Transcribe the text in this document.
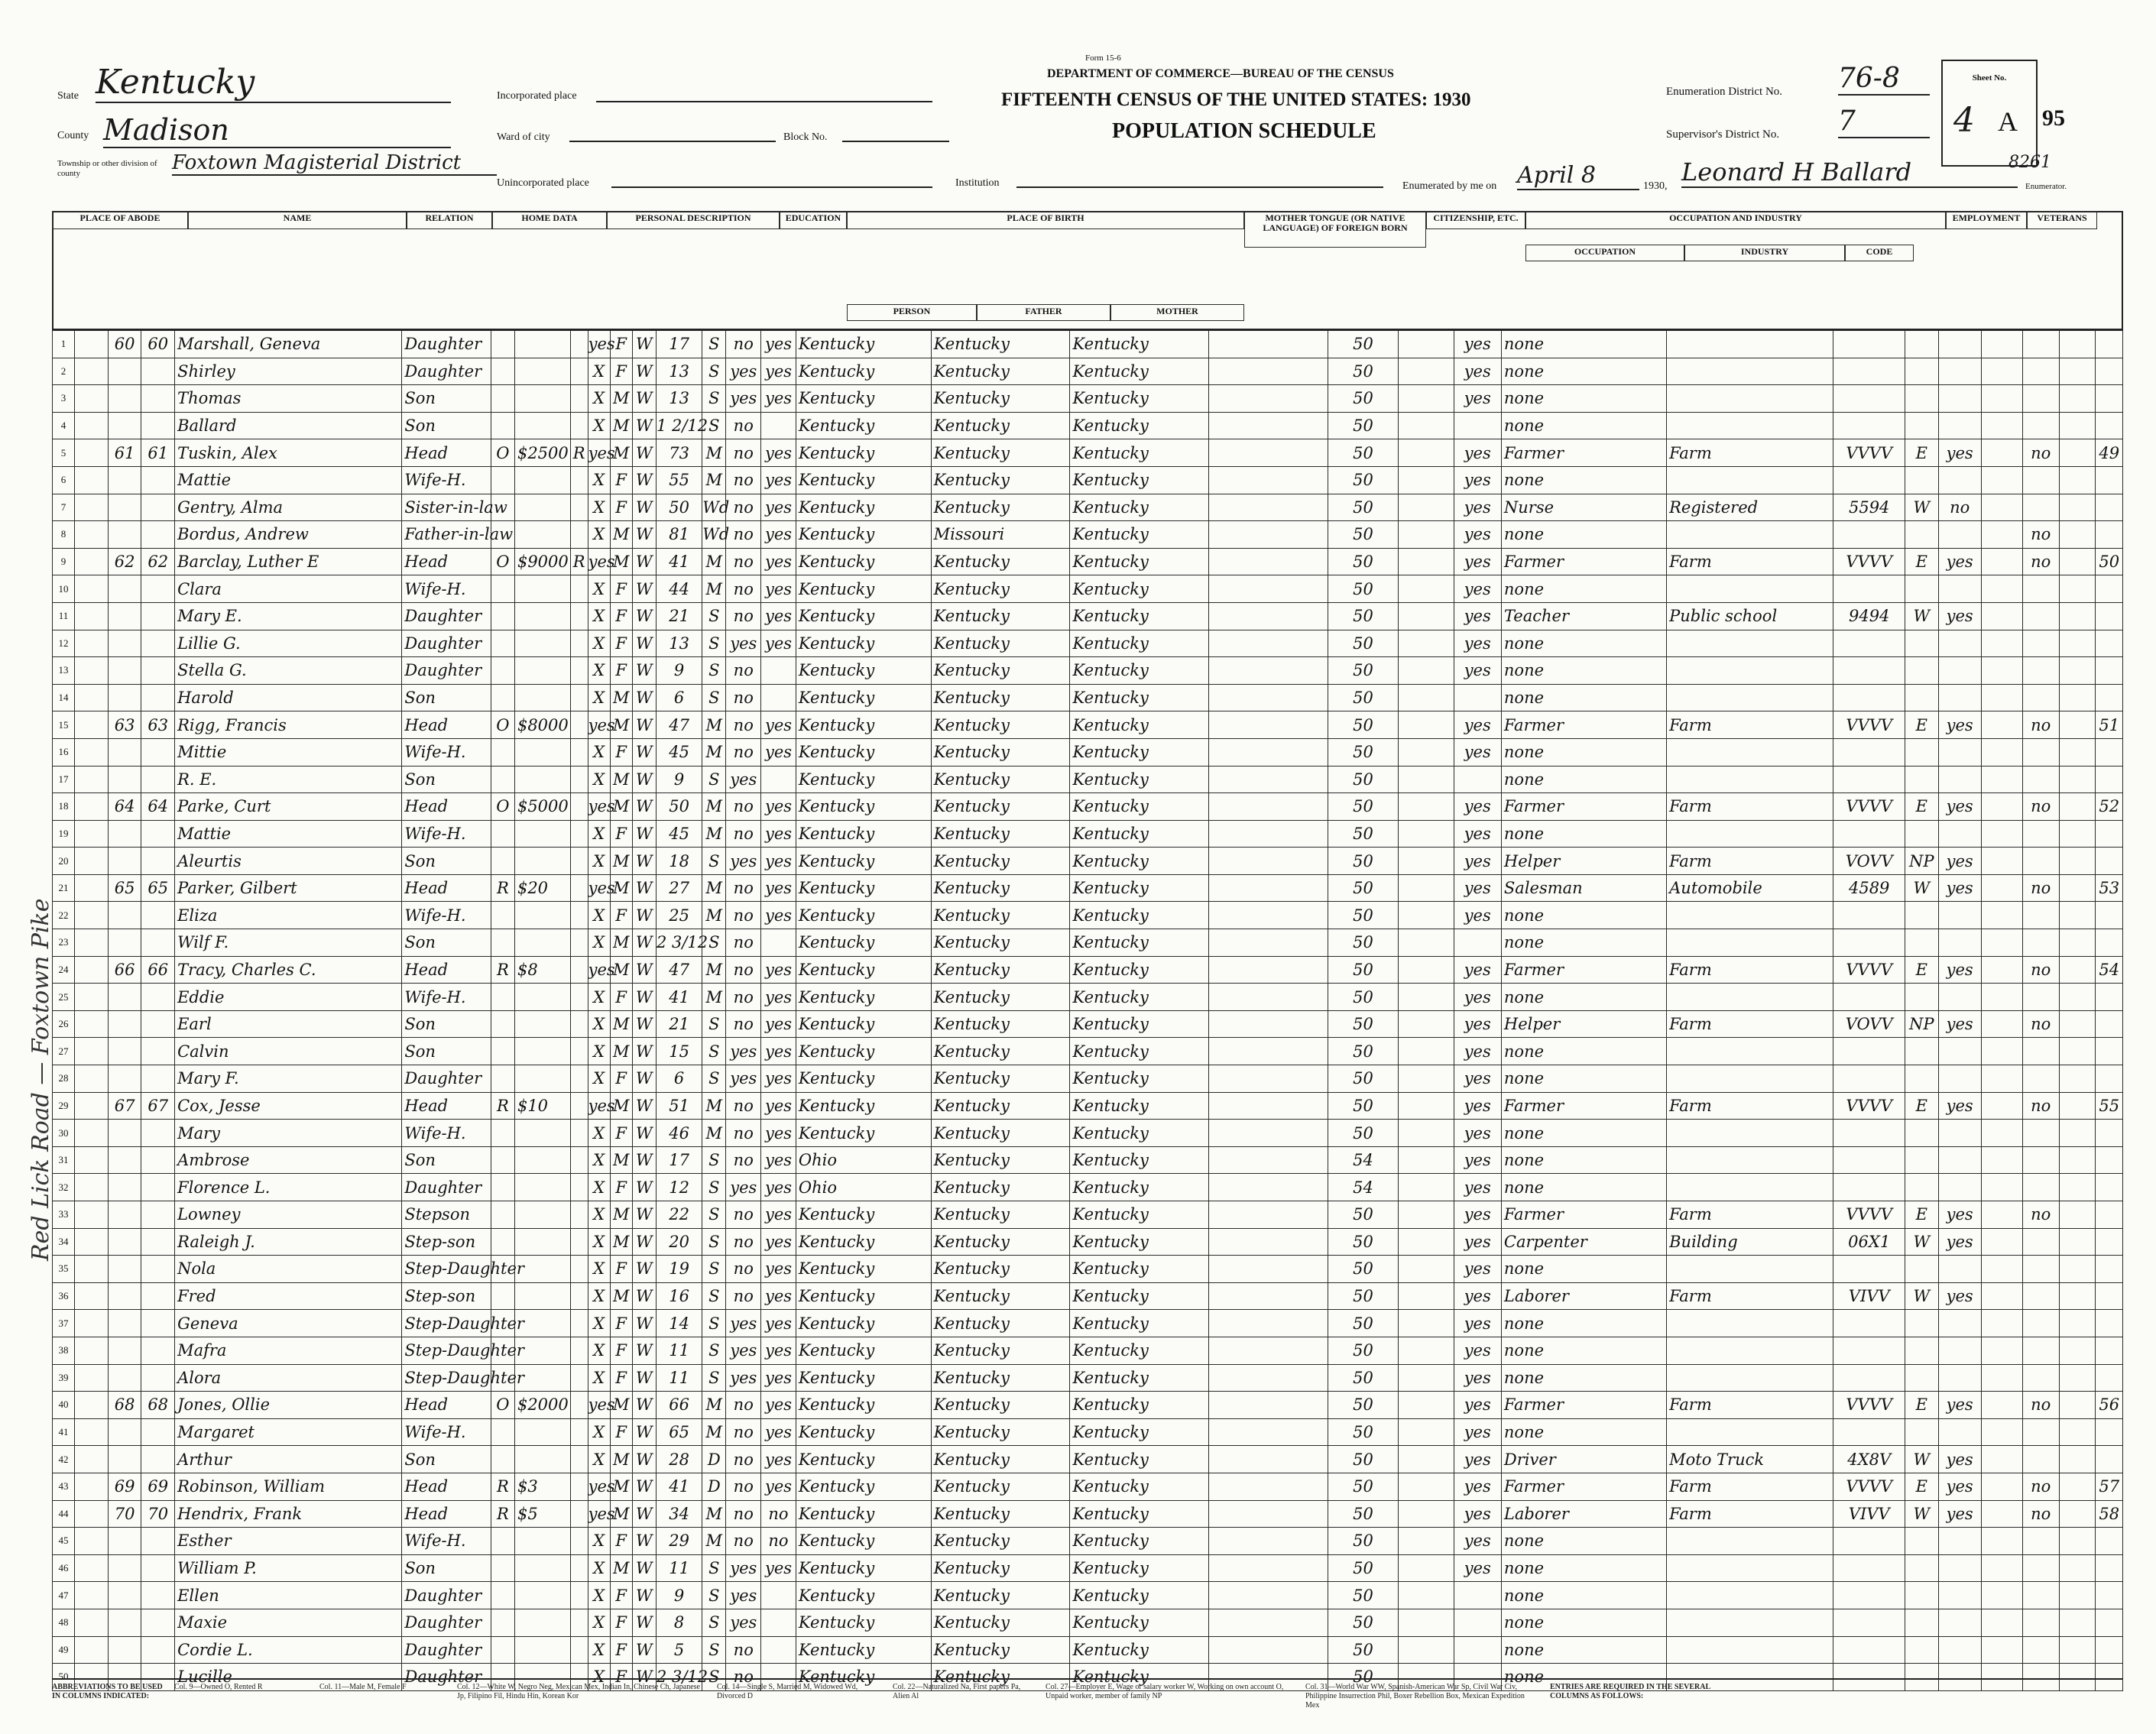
Form 15-6
DEPARTMENT OF COMMERCE—BUREAU OF THE CENSUS
FIFTEENTH CENSUS OF THE UNITED STATES: 1930
POPULATION SCHEDULE
State Kentucky
County Madison
Township or other division of county	Foxtown Magisterial District
Incorporated place
Ward of city	Block No.
Unincorporated place	Institution
Enumeration District No. 76-8
Supervisor's District No. 7
Sheet No.
4 A 95
Enumerated by me on April 8	1930, Leonard H Ballard	Enumerator.
8261
PLACE OF ABODE	NAME	RELATION	HOME DATA	PERSONAL DESCRIPTION	EDUCATION	PLACE OF BIRTH	MOTHER TONGUE (OR NATIVE LANGUAGE) OF FOREIGN BORN
CITIZENSHIP, ETC.	OCCUPATION AND INDUSTRY	EMPLOYMENT	VETERANS
PERSON	FATHER	MOTHER
OCCUPATION	INDUSTRY	CODE
1		60	60	Marshall, Geneva	Daughter				yes	F	W	17	S	no	yes	Kentucky	Kentucky	Kentucky		50		yes	none								
2				Shirley	Daughter				X	F	W	13	S	yes	yes	Kentucky	Kentucky	Kentucky		50		yes	none								
3				Thomas	Son				X	M	W	13	S	yes	yes	Kentucky	Kentucky	Kentucky		50		yes	none								
4				Ballard	Son				X	M	W	1 2/12	S	no		Kentucky	Kentucky	Kentucky		50			none								
5		61	61	Tuskin, Alex	Head	O	$2500	R	yes	M	W	73	M	no	yes	Kentucky	Kentucky	Kentucky		50		yes	Farmer	Farm	VVVV	E	yes		no		49
6				Mattie	Wife-H.				X	F	W	55	M	no	yes	Kentucky	Kentucky	Kentucky		50		yes	none								
7				Gentry, Alma	Sister-in-law				X	F	W	50	Wd	no	yes	Kentucky	Kentucky	Kentucky		50		yes	Nurse	Registered	5594	W	no				
8				Bordus, Andrew	Father-in-law				X	M	W	81	Wd	no	yes	Kentucky	Missouri	Kentucky		50		yes	none						no		
9		62	62	Barclay, Luther E	Head	O	$9000	R	yes	M	W	41	M	no	yes	Kentucky	Kentucky	Kentucky		50		yes	Farmer	Farm	VVVV	E	yes		no		50
10				Clara	Wife-H.				X	F	W	44	M	no	yes	Kentucky	Kentucky	Kentucky		50		yes	none								
11				Mary E.	Daughter				X	F	W	21	S	no	yes	Kentucky	Kentucky	Kentucky		50		yes	Teacher	Public school	9494	W	yes				
12				Lillie G.	Daughter				X	F	W	13	S	yes	yes	Kentucky	Kentucky	Kentucky		50		yes	none								
13				Stella G.	Daughter				X	F	W	9	S	no		Kentucky	Kentucky	Kentucky		50		yes	none								
14				Harold	Son				X	M	W	6	S	no		Kentucky	Kentucky	Kentucky		50			none								
15		63	63	Rigg, Francis	Head	O	$8000		yes	M	W	47	M	no	yes	Kentucky	Kentucky	Kentucky		50		yes	Farmer	Farm	VVVV	E	yes		no		51
16				Mittie	Wife-H.				X	F	W	45	M	no	yes	Kentucky	Kentucky	Kentucky		50		yes	none								
17				R. E.	Son				X	M	W	9	S	yes		Kentucky	Kentucky	Kentucky		50			none								
18		64	64	Parke, Curt	Head	O	$5000		yes	M	W	50	M	no	yes	Kentucky	Kentucky	Kentucky		50		yes	Farmer	Farm	VVVV	E	yes		no		52
19				Mattie	Wife-H.				X	F	W	45	M	no	yes	Kentucky	Kentucky	Kentucky		50		yes	none								
20				Aleurtis	Son				X	M	W	18	S	yes	yes	Kentucky	Kentucky	Kentucky		50		yes	Helper	Farm	VOVV	NP	yes				
21		65	65	Parker, Gilbert	Head	R	$20		yes	M	W	27	M	no	yes	Kentucky	Kentucky	Kentucky		50		yes	Salesman	Automobile	4589	W	yes		no		53
22				Eliza	Wife-H.				X	F	W	25	M	no	yes	Kentucky	Kentucky	Kentucky		50		yes	none								
23				Wilf F.	Son				X	M	W	2 3/12	S	no		Kentucky	Kentucky	Kentucky		50			none								
24		66	66	Tracy, Charles C.	Head	R	$8		yes	M	W	47	M	no	yes	Kentucky	Kentucky	Kentucky		50		yes	Farmer	Farm	VVVV	E	yes		no		54
25				Eddie	Wife-H.				X	F	W	41	M	no	yes	Kentucky	Kentucky	Kentucky		50		yes	none								
26				Earl	Son				X	M	W	21	S	no	yes	Kentucky	Kentucky	Kentucky		50		yes	Helper	Farm	VOVV	NP	yes		no		
27				Calvin	Son				X	M	W	15	S	yes	yes	Kentucky	Kentucky	Kentucky		50		yes	none								
28				Mary F.	Daughter				X	F	W	6	S	yes	yes	Kentucky	Kentucky	Kentucky		50		yes	none								
29		67	67	Cox, Jesse	Head	R	$10		yes	M	W	51	M	no	yes	Kentucky	Kentucky	Kentucky		50		yes	Farmer	Farm	VVVV	E	yes		no		55
30				Mary	Wife-H.				X	F	W	46	M	no	yes	Kentucky	Kentucky	Kentucky		50		yes	none								
31				Ambrose	Son				X	M	W	17	S	no	yes	Ohio	Kentucky	Kentucky		54		yes	none								
32				Florence L.	Daughter				X	F	W	12	S	yes	yes	Ohio	Kentucky	Kentucky		54		yes	none								
33				Lowney	Stepson				X	M	W	22	S	no	yes	Kentucky	Kentucky	Kentucky		50		yes	Farmer	Farm	VVVV	E	yes		no		
34				Raleigh J.	Step-son				X	M	W	20	S	no	yes	Kentucky	Kentucky	Kentucky		50		yes	Carpenter	Building	06X1	W	yes				
35				Nola	Step-Daughter				X	F	W	19	S	no	yes	Kentucky	Kentucky	Kentucky		50		yes	none								
36				Fred	Step-son				X	M	W	16	S	no	yes	Kentucky	Kentucky	Kentucky		50		yes	Laborer	Farm	VIVV	W	yes				
37				Geneva	Step-Daughter				X	F	W	14	S	yes	yes	Kentucky	Kentucky	Kentucky		50		yes	none								
38				Mafra	Step-Daughter				X	F	W	11	S	yes	yes	Kentucky	Kentucky	Kentucky		50		yes	none								
39				Alora	Step-Daughter				X	F	W	11	S	yes	yes	Kentucky	Kentucky	Kentucky		50		yes	none								
40		68	68	Jones, Ollie	Head	O	$2000		yes	M	W	66	M	no	yes	Kentucky	Kentucky	Kentucky		50		yes	Farmer	Farm	VVVV	E	yes		no		56
41				Margaret	Wife-H.				X	F	W	65	M	no	yes	Kentucky	Kentucky	Kentucky		50		yes	none								
42				Arthur	Son				X	M	W	28	D	no	yes	Kentucky	Kentucky	Kentucky		50		yes	Driver	Moto Truck	4X8V	W	yes				
43		69	69	Robinson, William	Head	R	$3		yes	M	W	41	D	no	yes	Kentucky	Kentucky	Kentucky		50		yes	Farmer	Farm	VVVV	E	yes		no		57
44		70	70	Hendrix, Frank	Head	R	$5		yes	M	W	34	M	no	no	Kentucky	Kentucky	Kentucky		50		yes	Laborer	Farm	VIVV	W	yes		no		58
45				Esther	Wife-H.				X	F	W	29	M	no	no	Kentucky	Kentucky	Kentucky		50		yes	none								
46				William P.	Son				X	M	W	11	S	yes	yes	Kentucky	Kentucky	Kentucky		50		yes	none								
47				Ellen	Daughter				X	F	W	9	S	yes		Kentucky	Kentucky	Kentucky		50			none								
48				Maxie	Daughter				X	F	W	8	S	yes		Kentucky	Kentucky	Kentucky		50			none								
49				Cordie L.	Daughter				X	F	W	5	S	no		Kentucky	Kentucky	Kentucky		50			none								
50				Lucille	Daughter				X	F	W	2 3/12	S	no		Kentucky	Kentucky	Kentucky		50			none								
Red Lick Road — Foxtown Pike
ABBREVIATIONS TO BE USED IN COLUMNS INDICATED:
Col. 9—Owned O, Rented R	Col. 11—Male M, Female F	Col. 12—White W, Negro Neg, Mexican Mex, Indian In, Chinese Ch, Japanese Jp, Filipino Fil, Hindu Hin, Korean Kor
Col. 14—Single S, Married M, Widowed Wd, Divorced D
Col. 22—Naturalized Na, First papers Pa, Alien Al
Col. 27—Employer E, Wage or salary worker W, Working on own account O, Unpaid worker, member of family NP
Col. 31—World War WW, Spanish-American War Sp, Civil War Civ, Philippine Insurrection Phil, Boxer Rebellion Box, Mexican Expedition Mex
ENTRIES ARE REQUIRED IN THE SEVERAL COLUMNS AS FOLLOWS:
